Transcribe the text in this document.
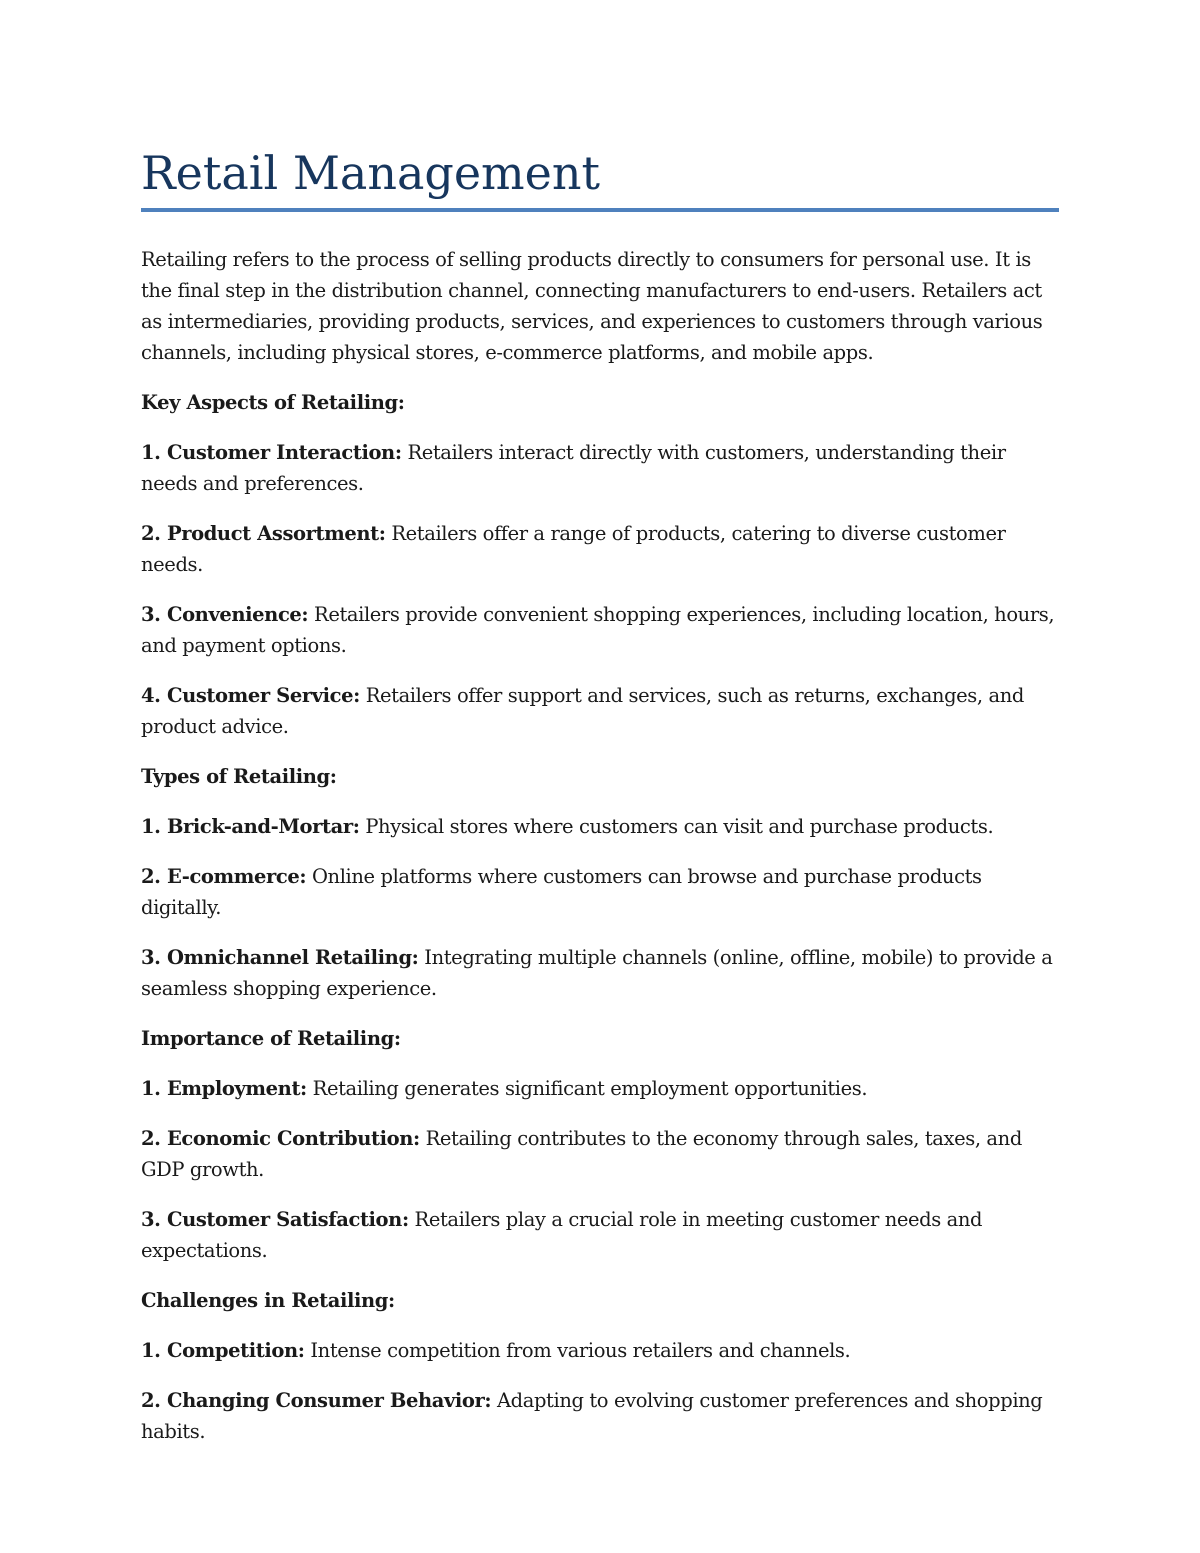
Retail Management

Retailing refers to the process of selling products directly to consumers for personal use. It is the final step in the distribution channel, connecting manufacturers to end-users. Retailers act as intermediaries, providing products, services, and experiences to customers through various channels, including physical stores, e-commerce platforms, and mobile apps.

Key Aspects of Retailing:

1. Customer Interaction: Retailers interact directly with customers, understanding their needs and preferences.

2. Product Assortment: Retailers offer a range of products, catering to diverse customer needs.

3. Convenience: Retailers provide convenient shopping experiences, including location, hours, and payment options.

4. Customer Service: Retailers offer support and services, such as returns, exchanges, and product advice.

Types of Retailing:

1. Brick-and-Mortar: Physical stores where customers can visit and purchase products.

2. E-commerce: Online platforms where customers can browse and purchase products digitally.

3. Omnichannel Retailing: Integrating multiple channels (online, offline, mobile) to provide a seamless shopping experience.

Importance of Retailing:

1. Employment: Retailing generates significant employment opportunities.

2. Economic Contribution: Retailing contributes to the economy through sales, taxes, and GDP growth.

3. Customer Satisfaction: Retailers play a crucial role in meeting customer needs and expectations.

Challenges in Retailing:

1. Competition: Intense competition from various retailers and channels.

2. Changing Consumer Behavior: Adapting to evolving customer preferences and shopping habits.
